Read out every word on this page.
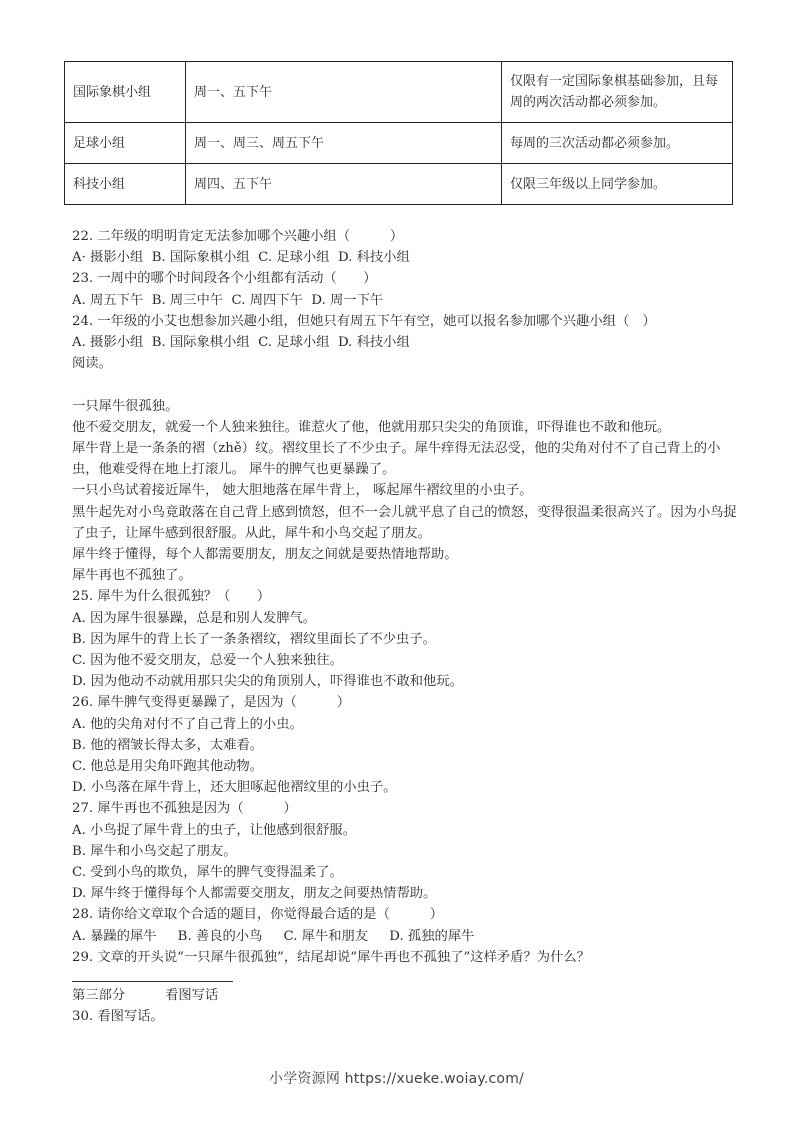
国际象棋小组	周一、五下午	仅限有一定国际象棋基础参加，且每周的两次活动都必须参加。
足球小组	周一、周三、周五下午	每周的三次活动都必须参加。
科技小组	周四、五下午	仅限三年级以上同学参加。
22. 二年级的明明肯定无法参加哪个兴趣小组（　　　）
A· 摄影小组  B. 国际象棋小组  C. 足球小组  D. 科技小组
23. 一周中的哪个时间段各个小组都有活动（　　）
A. 周五下午  B. 周三中午  C. 周四下午  D. 周一下午
24. 一年级的小艾也想参加兴趣小组，但她只有周五下午有空，她可以报名参加哪个兴趣小组（　）
A. 摄影小组  B. 国际象棋小组  C. 足球小组  D. 科技小组
阅读。
一只犀牛很孤独。
他不爱交朋友，就爱一个人独来独往。谁惹火了他，他就用那只尖尖的角顶谁，吓得谁也不敢和他玩。
犀牛背上是一条条的褶（zhě）纹。褶纹里长了不少虫子。犀牛痒得无法忍受，他的尖角对付不了自己背上的小虫，他难受得在地上打滚儿。 犀牛的脾气也更暴躁了。
一只小鸟试着接近犀牛， 她大胆地落在犀牛背上， 啄起犀牛褶纹里的小虫子。
黑牛起先对小鸟竟敢落在自己背上感到愤怒，但不一会儿就平息了自己的愤怒，变得很温柔很高兴了。因为小鸟捉了虫子，让犀牛感到很舒服。从此，犀牛和小鸟交起了朋友。
犀牛终于懂得，每个人都需要朋友，朋友之间就是要热情地帮助。
犀牛再也不孤独了。
25. 犀牛为什么很孤独？（　　）
A. 因为犀牛很暴躁，总是和别人发脾气。
B. 因为犀牛的背上长了一条条褶纹，褶纹里面长了不少虫子。
C. 因为他不爱交朋友，总爱一个人独来独往。
D. 因为他动不动就用那只尖尖的角顶别人，吓得谁也不敢和他玩。
26. 犀牛脾气变得更暴躁了，是因为（　　　）
A. 他的尖角对付不了自己背上的小虫。
B. 他的褶皱长得太多，太难看。
C. 他总是用尖角吓跑其他动物。
D. 小鸟落在犀牛背上，还大胆啄起他褶纹里的小虫子。
27. 犀牛再也不孤独是因为（　　　）
A. 小鸟捉了犀牛背上的虫子，让他感到很舒服。
B. 犀牛和小鸟交起了朋友。
C. 受到小鸟的欺负，犀牛的脾气变得温柔了。
D. 犀牛终于懂得每个人都需要交朋友，朋友之间要热情帮助。
28. 请你给文章取个合适的题目，你觉得最合适的是（　　　）
A. 暴躁的犀牛     B. 善良的小鸟     C. 犀牛和朋友     D. 孤独的犀牛
29. 文章的开头说“一只犀牛很孤独”，结尾却说“犀牛再也不孤独了”这样矛盾？为什么？
第三部分　　　看图写话
30. 看图写话。
小学资源网 https://xueke.woiay.com/
